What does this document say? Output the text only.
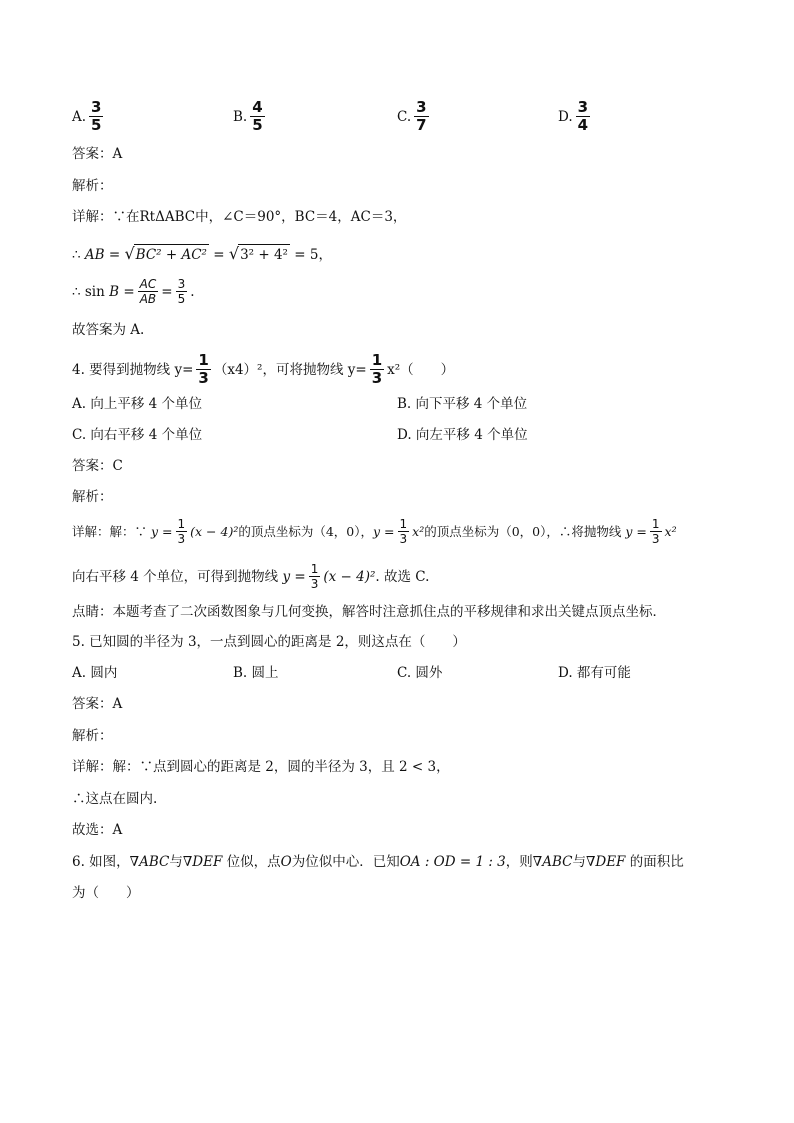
A. $\frac{3}{5}$	B. $\frac{4}{5}$	C. $\frac{3}{7}$	D. $\frac{3}{4}$
答案：A
解析：
详解：∵在RtΔABC中，∠C＝90°，BC＝4，AC＝3，
∴ AB = √BC² + AC² = √3² + 4² = 5，
∴ sin
$B = \frac{AC}{AB} = \frac{3}{5}$ .
故答案为 A.
4. 要得到抛物线 $y= \frac{1}{3} (x4)^2$，可将抛物线 $y= \frac{1}{3} x^2$（　　）
A. 向上平移 4 个单位	B. 向下平移 4 个单位
C. 向右平移 4 个单位	D. 向左平移 4 个单位
答案：C
解析：
详解：解：∵
$y = \frac{1}{3} (x - 4)^2$ 的顶点坐标为（4，0）， $y = \frac{1}{3} x^2$ 的顶点坐标为（0，0），∴将抛物线
$y = \frac{1}{3} x^2$
向右平移 4 个单位，可得到抛物线
$y = \frac{1}{3} (x - 4)^2$ . 故选 C.
点睛：本题考查了二次函数图象与几何变换，解答时注意抓住点的平移规律和求出关键点顶点坐标．
5. 已知圆的半径为 3，一点到圆心的距离是 2，则这点在（　　）
A. 圆内	B. 圆上	C. 圆外	D. 都有可能
答案：A
解析：
详解：解：∵点到圆心的距离是 2，圆的半径为 3，且 2 < 3，
∴这点在圆内.
故选：A
6. 如图，∇ABC与∇DEF 位似，点O为位似中心．已知OA : OD = 1 : 3，则∇ABC与∇DEF 的面积比
为（　　）
